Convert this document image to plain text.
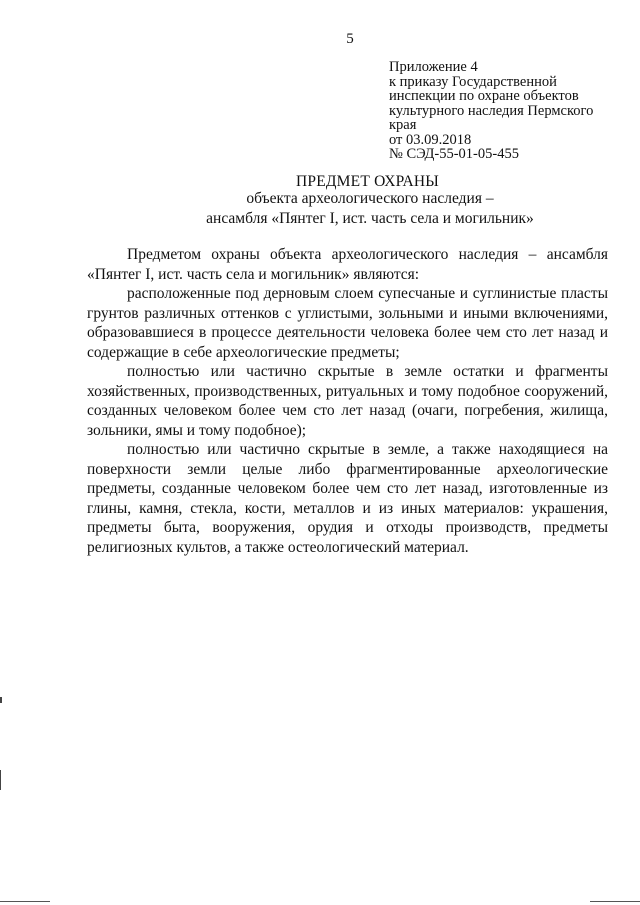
5
Приложение 4
к приказу Государственной
инспекции по охране объектов
культурного наследия Пермского
края
от 03.09.2018
№ СЭД-55-01-05-455
ПРЕДМЕТ ОХРАНЫ
объекта археологического наследия –
ансамбля «Пянтег I, ист. часть села и могильник»

Предметом охраны объекта археологического наследия – ансамбля «Пянтег I, ист. часть села и могильник» являются:

расположенные под дерновым слоем супесчаные и суглинистые пласты грунтов различных оттенков с углистыми, зольными и иными включениями, образовавшиеся в процессе деятельности человека более чем сто лет назад и содержащие в себе археологические предметы;

полностью или частично скрытые в земле остатки и фрагменты хозяйственных, производственных, ритуальных и тому подобное сооружений, созданных человеком более чем сто лет назад (очаги, погребения, жилища, зольники, ямы и тому подобное);

полностью или частично скрытые в земле, а также находящиеся на поверхности земли целые либо фрагментированные археологические предметы, созданные человеком более чем сто лет назад, изготовленные из глины, камня, стекла, кости, металлов и из иных материалов: украшения, предметы быта, вооружения, орудия и отходы производств, предметы религиозных культов, а также остеологический материал.
